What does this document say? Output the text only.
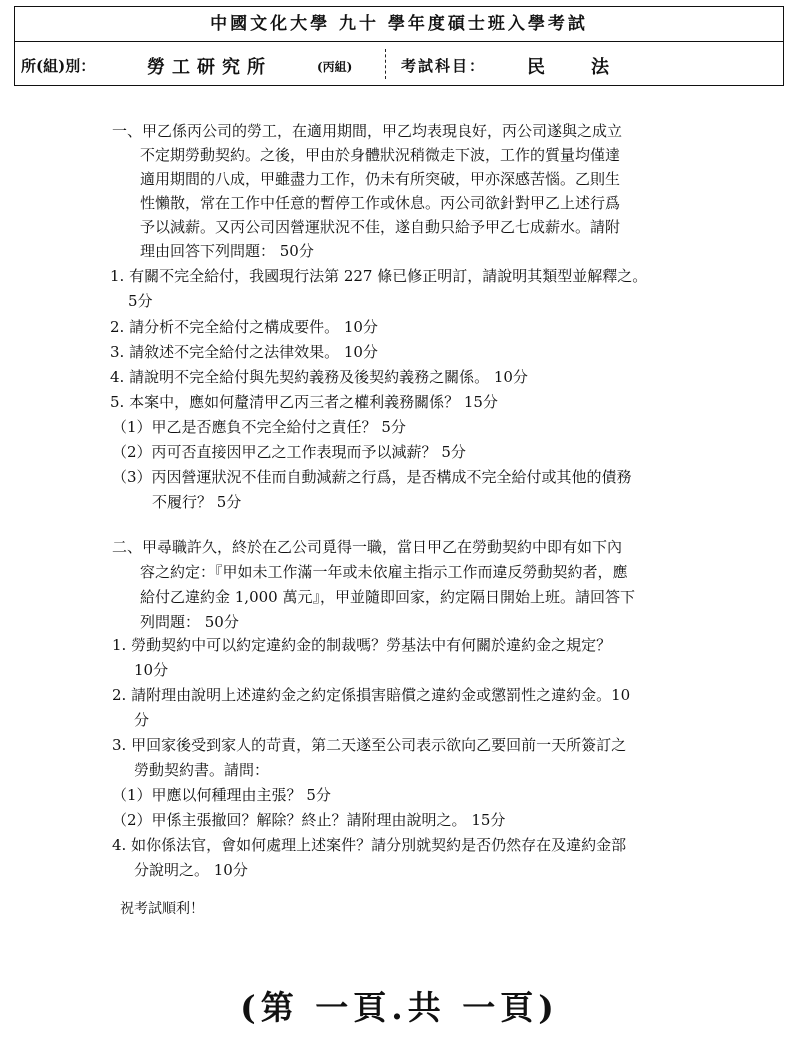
中國文化大學 九十 學年度碩士班入學考試
所(組)別：	勞工研究所	(丙組)	考試科目： 民法
一、甲乙係丙公司的勞工，在適用期間，甲乙均表現良好，丙公司遂與之成立
不定期勞動契約。之後，甲由於身體狀況稍微走下波，工作的質量均僅達
適用期間的八成，甲雖盡力工作，仍未有所突破，甲亦深感苦惱。乙則生
性懶散，常在工作中任意的暫停工作或休息。丙公司欲針對甲乙上述行爲
予以減薪。又丙公司因營運狀況不佳，遂自動只給予甲乙七成薪水。請附
理由回答下列問題： 50分
1. 有關不完全給付，我國現行法第 227 條已修正明訂，請說明其類型並解釋之。
5分
2. 請分析不完全給付之構成要件。 10分
3. 請敘述不完全給付之法律效果。 10分
4. 請說明不完全給付與先契約義務及後契約義務之關係。 10分
5. 本案中，應如何釐清甲乙丙三者之權利義務關係？ 15分
（1）甲乙是否應負不完全給付之責任？ 5分
（2）丙可否直接因甲乙之工作表現而予以減薪？ 5分
（3）丙因營運狀況不佳而自動減薪之行爲，是否構成不完全給付或其他的債務
不履行？ 5分
二、甲尋職許久，終於在乙公司覓得一職，當日甲乙在勞動契約中即有如下內
容之約定：『甲如未工作滿一年或未依雇主指示工作而違反勞動契約者，應
給付乙違約金 1,000 萬元』，甲並隨即回家，約定隔日開始上班。請回答下
列問題： 50分
1. 勞動契約中可以約定違約金的制裁嗎？勞基法中有何關於違約金之規定？
10分
2. 請附理由說明上述違約金之約定係損害賠償之違約金或懲罰性之違約金。10
分
3. 甲回家後受到家人的苛責，第二天遂至公司表示欲向乙要回前一天所簽訂之
勞動契約書。請問：
（1）甲應以何種理由主張？ 5分
（2）甲係主張撤回？解除？終止？請附理由說明之。 15分
4. 如你係法官，會如何處理上述案件？請分別就契約是否仍然存在及違約金部
分說明之。 10分
祝考試順利！
(第 一頁.共 一頁)
